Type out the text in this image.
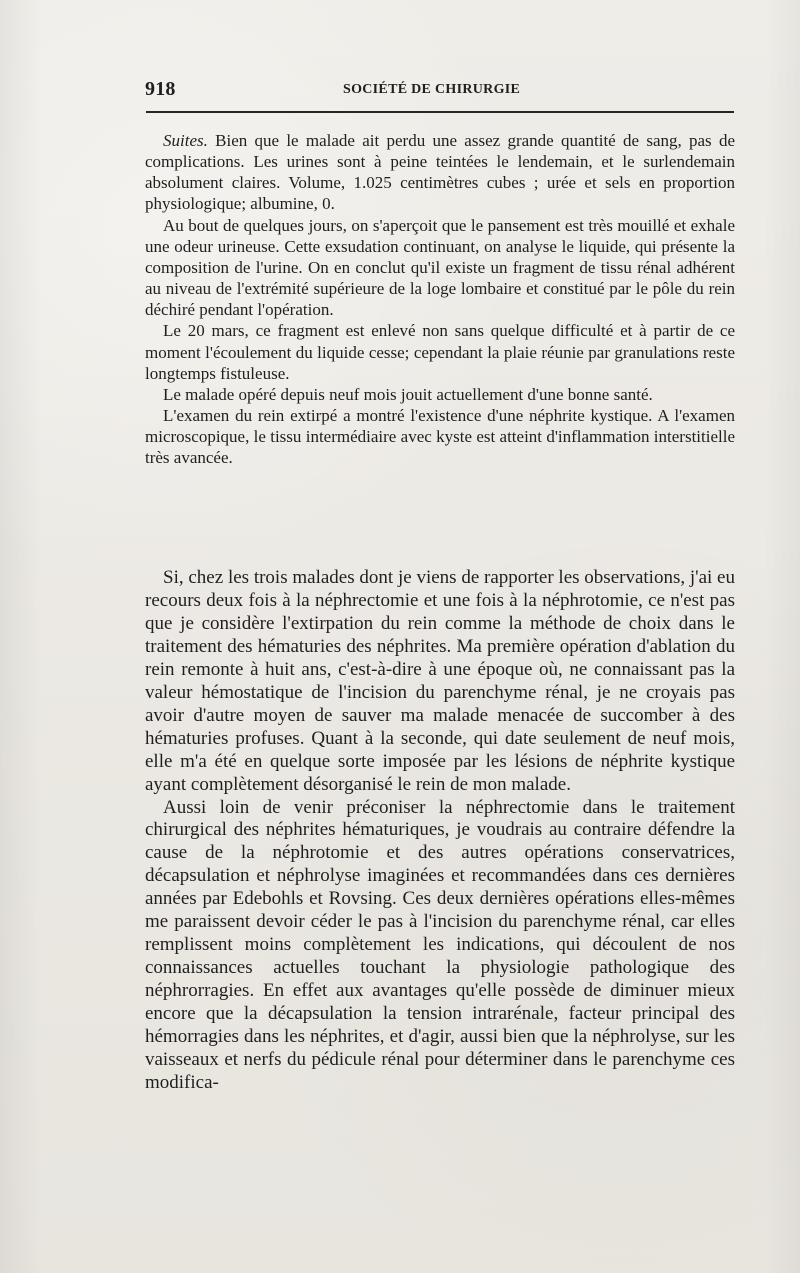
918	SOCIÉTÉ DE CHIRURGIE

Suites. Bien que le malade ait perdu une assez grande quantité de sang, pas de complications. Les urines sont à peine teintées le lendemain, et le surlendemain absolument claires. Volume, 1.025 centimètres cubes ; urée et sels en proportion physiologique; albumine, 0.

Au bout de quelques jours, on s'aperçoit que le pansement est très mouillé et exhale une odeur urineuse. Cette exsudation continuant, on analyse le liquide, qui présente la composition de l'urine. On en conclut qu'il existe un fragment de tissu rénal adhérent au niveau de l'extrémité supérieure de la loge lombaire et constitué par le pôle du rein déchiré pendant l'opération.

Le 20 mars, ce fragment est enlevé non sans quelque difficulté et à partir de ce moment l'écoulement du liquide cesse; cependant la plaie réunie par granulations reste longtemps fistuleuse.

Le malade opéré depuis neuf mois jouit actuellement d'une bonne santé.

L'examen du rein extirpé a montré l'existence d'une néphrite kystique. A l'examen microscopique, le tissu intermédiaire avec kyste est atteint d'inflammation interstitielle très avancée.

Si, chez les trois malades dont je viens de rapporter les observations, j'ai eu recours deux fois à la néphrectomie et une fois à la néphrotomie, ce n'est pas que je considère l'extirpation du rein comme la méthode de choix dans le traitement des hématuries des néphrites. Ma première opération d'ablation du rein remonte à huit ans, c'est-à-dire à une époque où, ne connaissant pas la valeur hémostatique de l'incision du parenchyme rénal, je ne croyais pas avoir d'autre moyen de sauver ma malade menacée de succomber à des hématuries profuses. Quant à la seconde, qui date seulement de neuf mois, elle m'a été en quelque sorte imposée par les lésions de néphrite kystique ayant complètement désorganisé le rein de mon malade.

Aussi loin de venir préconiser la néphrectomie dans le traitement chirurgical des néphrites hématuriques, je voudrais au contraire défendre la cause de la néphrotomie et des autres opérations conservatrices, décapsulation et néphrolyse imaginées et recommandées dans ces dernières années par Edebohls et Rovsing. Ces deux dernières opérations elles-mêmes me paraissent devoir céder le pas à l'incision du parenchyme rénal, car elles remplissent moins complètement les indications, qui découlent de nos connaissances actuelles touchant la physiologie pathologique des néphrorragies. En effet aux avantages qu'elle possède de diminuer mieux encore que la décapsulation la tension intrarénale, facteur principal des hémorragies dans les néphrites, et d'agir, aussi bien que la néphrolyse, sur les vaisseaux et nerfs du pédicule rénal pour déterminer dans le parenchyme ces modifica-
